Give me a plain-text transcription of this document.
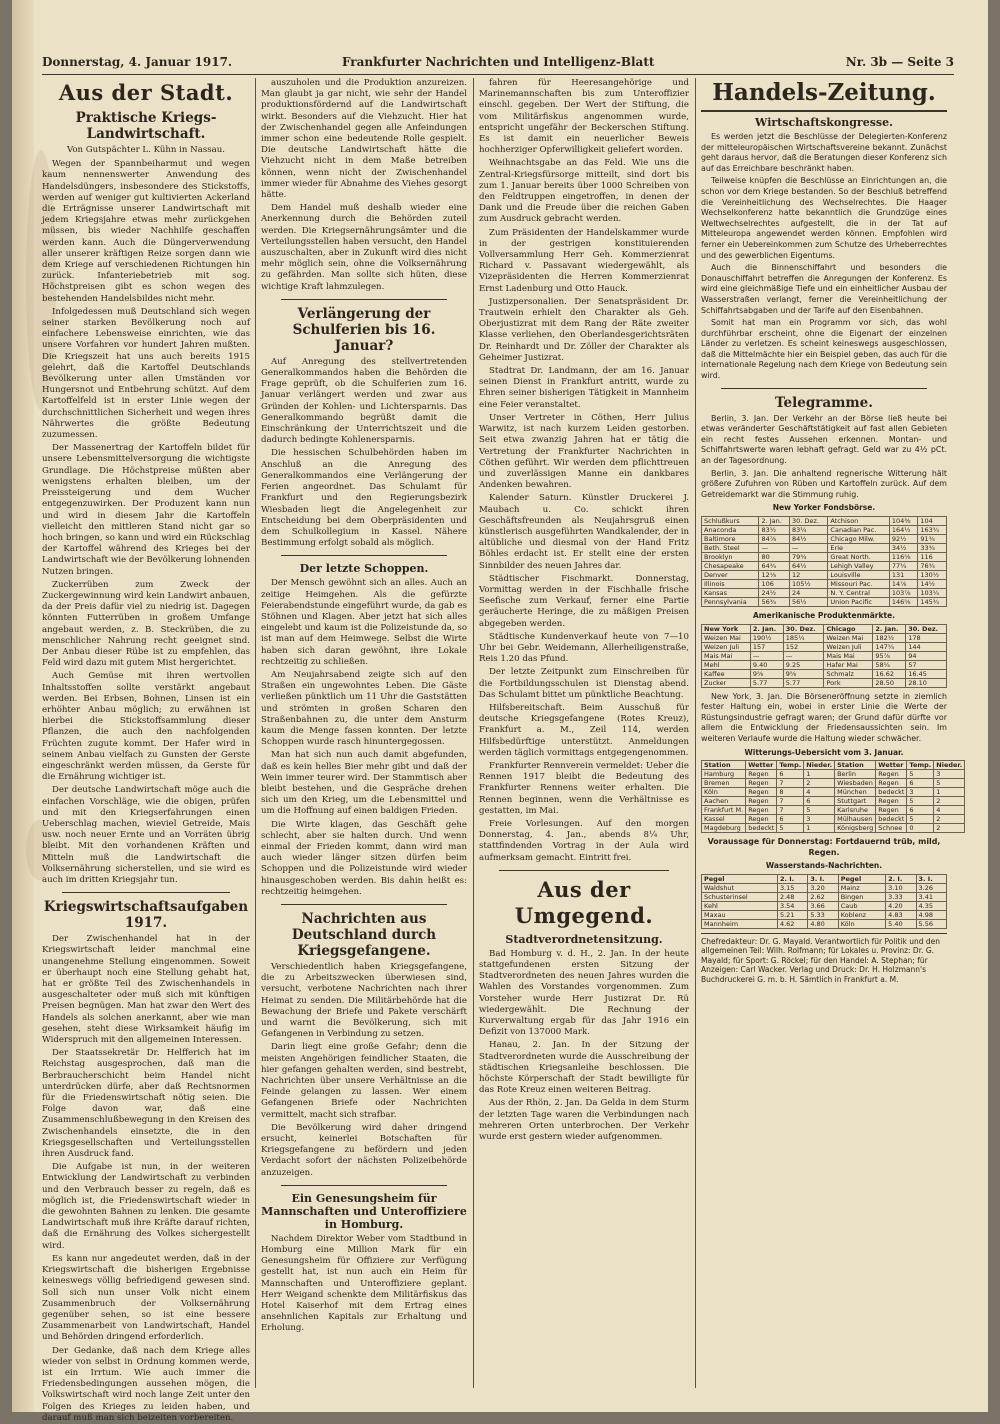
Donnerstag, 4. Januar 1917.	Frankfurter Nachrichten und Intelligenz-Blatt	Nr. 3b — Seite 3
Aus der Stadt.
Praktische Kriegs-Landwirtschaft.
Von Gutspächter L. Kühn in Nassau.

Wegen der Spannbeiharmut und wegen kaum nennenswerter Anwendung des Handelsdüngers, insbesondere des Stickstoffs, werden auf weniger gut kultivierten Ackerland die Erträgnisse unserer Landwirtschaft mit jedem Kriegsjahre etwas mehr zurückgehen müssen, bis wieder Nachhilfe geschaffen werden kann. Auch die Düngerverwendung aller unserer kräftigen Reize sorgen dann wie dem Kriege auf verschiedenen Richtungen hin zurück. Infanteriebetrieb mit sog. Höchstpreisen gibt es schon wegen des bestehenden Handelsbildes nicht mehr.

Infolgedessen muß Deutschland sich wegen seiner starken Bevölkerung noch auf einfachere Lebensweise einrichten, wie das unsere Vorfahren vor hundert Jahren mußten. Die Kriegszeit hat uns auch bereits 1915 gelehrt, daß die Kartoffel Deutschlands Bevölkerung unter allen Umständen vor Hungersnot und Entbehrung schützt. Auf dem Kartoffelfeld ist in erster Linie wegen der durchschnittlichen Sicherheit und wegen ihres Nährwertes die größte Bedeutung zuzumessen.

Der Massenertrag der Kartoffeln bildet für unsere Lebensmittelversorgung die wichtigste Grundlage. Die Höchstpreise müßten aber wenigstens erhalten bleiben, um der Preissteigerung und dem Wucher entgegenzuwirken. Der Produzent kann nun und wird in diesem Jahr die Kartoffeln vielleicht den mittleren Stand nicht gar so hoch bringen, so kann und wird ein Rückschlag der Kartoffel während des Krieges bei der Landwirtschaft wie der Bevölkerung lohnenden Nutzen bringen.

Zuckerrüben zum Zweck der Zuckergewinnung wird kein Landwirt anbauen, da der Preis dafür viel zu niedrig ist. Dagegen könnten Futterrüben in großem Umfange angebaut werden, z. B. Steckrüben, die zu menschlicher Nahrung recht geeignet sind. Der Anbau dieser Rübe ist zu empfehlen, das Feld wird dazu mit gutem Mist hergerichtet.

Auch Gemüse mit ihren wertvollen Inhaltsstoffen sollte verstärkt angebaut werden. Bei Erbsen, Bohnen, Linsen ist ein erhöhter Anbau möglich; zu erwähnen ist hierbei die Stickstoffsammlung dieser Pflanzen, die auch den nachfolgenden Früchten zugute kommt. Der Hafer wird in seinem Anbau vielfach zu Gunsten der Gerste eingeschränkt werden müssen, da Gerste für die Ernährung wichtiger ist.

Der deutsche Landwirtschaft möge auch die einfachen Vorschläge, wie die obigen, prüfen und mit den Kriegserfahrungen einen Ueberschlag machen, wieviel Getreide, Mais usw. noch neuer Ernte und an Vorräten übrig bleibt. Mit den vorhandenen Kräften und Mitteln muß die Landwirtschaft die Volksernährung sicherstellen, und sie wird es auch im dritten Kriegsjahr tun.

Kriegswirtschaftsaufgaben 1917.

Der Zwischenhandel hat in der Kriegswirtschaft leider manchmal eine unangenehme Stellung eingenommen. Soweit er überhaupt noch eine Stellung gehabt hat, hat er größte Teil des Zwischenhandels in ausgeschalteter oder muß sich mit künftigen Preisen begnügen. Man hat zwar den Wert des Handels als solchen anerkannt, aber wie man gesehen, steht diese Wirksamkeit häufig im Widerspruch mit den allgemeinen Interessen.

Der Staatssekretär Dr. Helfferich hat im Reichstag ausgesprochen, daß man die Berbraucherschicht beim Handel nicht unterdrücken dürfe, aber daß Rechtsnormen für die Friedenswirtschaft nötig seien. Die Folge davon war, daß eine Zusammenschlußbewegung in den Kreisen des Zwischenhandels einsetzte, die in den Kriegsgesellschaften und Verteilungsstellen ihren Ausdruck fand.

Die Aufgabe ist nun, in der weiteren Entwicklung der Landwirtschaft zu verbinden und den Verbrauch besser zu regeln, daß es möglich ist, die Friedenswirtschaft wieder in die gewohnten Bahnen zu lenken. Die gesamte Landwirtschaft muß ihre Kräfte darauf richten, daß die Ernährung des Volkes sichergestellt wird.

Es kann nur angedeutet werden, daß in der Kriegswirtschaft die bisherigen Ergebnisse keineswegs völlig befriedigend gewesen sind. Soll sich nun unser Volk nicht einem Zusammenbruch der Volksernährung gegenüber sehen, so ist eine bessere Zusammenarbeit von Landwirtschaft, Handel und Behörden dringend erforderlich.

Der Gedanke, daß nach dem Kriege alles wieder von selbst in Ordnung kommen werde, ist ein Irrtum. Wie auch immer die Friedensbedingungen aussehen mögen, die Volkswirtschaft wird noch lange Zeit unter den Folgen des Krieges zu leiden haben, und darauf muß man sich beizeiten vorbereiten.

auszuholen und die Produktion anzureizen. Man glaubt ja gar nicht, wie sehr der Handel produktionsfördernd auf die Landwirtschaft wirkt. Besonders auf die Viehzucht. Hier hat der Zwischenhandel gegen alle Anfeindungen immer schon eine bedeutende Rolle gespielt. Die deutsche Landwirtschaft hätte die Viehzucht nicht in dem Maße betreiben können, wenn nicht der Zwischenhandel immer wieder für Abnahme des Viehes gesorgt hätte.

Dem Handel muß deshalb wieder eine Anerkennung durch die Behörden zuteil werden. Die Kriegsernährungsämter und die Verteilungsstellen haben versucht, den Handel auszuschalten, aber in Zukunft wird dies nicht mehr möglich sein, ohne die Volksernährung zu gefährden. Man sollte sich hüten, diese wichtige Kraft lahmzulegen.

Verlängerung der Schulferien bis 16. Januar?

Auf Anregung des stellvertretenden Generalkommandos haben die Behörden die Frage geprüft, ob die Schulferien zum 16. Januar verlängert werden und zwar aus Gründen der Kohlen- und Lichtersparnis. Das Generalkommando begrüßt damit die Einschränkung der Unterrichtszeit und die dadurch bedingte Kohlenersparnis.

Die hessischen Schulbehörden haben im Anschluß an die Anregung des Generalkommandos eine Verlängerung der Ferien angeordnet. Das Schulamt für Frankfurt und den Regierungsbezirk Wiesbaden liegt die Angelegenheit zur Entscheidung bei dem Oberpräsidenten und dem Schulkollegium in Kassel. Nähere Bestimmung erfolgt sobald als möglich.

Der letzte Schoppen.

Der Mensch gewöhnt sich an alles. Auch an zeitige Heimgehen. Als die gefürzte Feierabendstunde eingeführt wurde, da gab es Stöhnen und Klagen. Aber jetzt hat sich alles eingelebt und kaum ist die Polizeistunde da, so ist man auf dem Heimwege. Selbst die Wirte haben sich daran gewöhnt, ihre Lokale rechtzeitig zu schließen.

Am Neujahrsabend zeigte sich auf den Straßen ein ungewohntes Leben. Die Gäste verließen pünktlich um 11 Uhr die Gaststätten und strömten in großen Scharen den Straßenbahnen zu, die unter dem Ansturm kaum die Menge fassen konnten. Der letzte Schoppen wurde rasch hinuntergegossen.

Man hat sich nun auch damit abgefunden, daß es kein helles Bier mehr gibt und daß der Wein immer teurer wird. Der Stammtisch aber bleibt bestehen, und die Gespräche drehen sich um den Krieg, um die Lebensmittel und um die Hoffnung auf einen baldigen Frieden.

Die Wirte klagen, das Geschäft gehe schlecht, aber sie halten durch. Und wenn einmal der Frieden kommt, dann wird man auch wieder länger sitzen dürfen beim Schoppen und die Polizeistunde wird wieder hinausgeschoben werden. Bis dahin heißt es: rechtzeitig heimgehen.

Nachrichten aus Deutschland durch Kriegsgefangene.

Verschiedentlich haben Kriegsgefangene, die zu Arbeitszwecken überwiesen sind, versucht, verbotene Nachrichten nach ihrer Heimat zu senden. Die Militärbehörde hat die Bewachung der Briefe und Pakete verschärft und warnt die Bevölkerung, sich mit Gefangenen in Verbindung zu setzen.

Darin liegt eine große Gefahr; denn die meisten Angehörigen feindlicher Staaten, die hier gefangen gehalten werden, sind bestrebt, Nachrichten über unsere Verhältnisse an die Feinde gelangen zu lassen. Wer einem Gefangenen Briefe oder Nachrichten vermittelt, macht sich strafbar.

Die Bevölkerung wird daher dringend ersucht, keinerlei Botschaften für Kriegsgefangene zu befördern und jeden Verdacht sofort der nächsten Polizeibehörde anzuzeigen.

Ein Genesungsheim für Mannschaften und Unteroffiziere in Homburg.

Nachdem Direktor Weber vom Stadtbund in Homburg eine Million Mark für ein Genesungsheim für Offiziere zur Verfügung gestellt hat, ist nun auch ein Heim für Mannschaften und Unteroffiziere geplant. Herr Weigand schenkte dem Militärfiskus das Hotel Kaiserhof mit dem Ertrag eines ansehnlichen Kapitals zur Erhaltung und Erholung.

fahren für Heeresangehörige und Marinemannschaften bis zum Unteroffizier einschl. gegeben. Der Wert der Stiftung, die vom Militärfiskus angenommen wurde, entspricht ungefähr der Beckerschen Stiftung. Es ist damit ein neuerlicher Beweis hochherziger Opferwilligkeit geliefert worden.

Weihnachtsgabe an das Feld. Wie uns die Zentral-Kriegsfürsorge mitteilt, sind dort bis zum 1. Januar bereits über 1000 Schreiben von den Feldtruppen eingetroffen, in denen der Dank und die Freude über die reichen Gaben zum Ausdruck gebracht werden.

Zum Präsidenten der Handelskammer wurde in der gestrigen konstituierenden Vollversammlung Herr Geh. Kommerzienrat Richard v. Passavant wiedergewählt, als Vizepräsidenten die Herren Kommerzienrat Ernst Ladenburg und Otto Hauck.

Justizpersonalien. Der Senatspräsident Dr. Trautwein erhielt den Charakter als Geh. Oberjustizrat mit dem Rang der Räte zweiter Klasse verliehen, den Oberlandesgerichtsräten Dr. Reinhardt und Dr. Zöller der Charakter als Geheimer Justizrat.

Stadtrat Dr. Landmann, der am 16. Januar seinen Dienst in Frankfurt antritt, wurde zu Ehren seiner bisherigen Tätigkeit in Mannheim eine Feier veranstaltet.

Unser Vertreter in Cöthen, Herr Julius Warwitz, ist nach kurzem Leiden gestorben. Seit etwa zwanzig Jahren hat er tätig die Vertretung der Frankfurter Nachrichten in Cöthen geführt. Wir werden dem pflichttreuen und zuverlässigen Manne ein dankbares Andenken bewahren.

Kalender Saturn. Künstler Druckerei J. Maubach u. Co. schickt ihren Geschäftsfreunden als Neujahrsgruß einen künstlerisch ausgeführten Wandkalender, der in altübliche und diesmal von der Hand Fritz Böhles erdacht ist. Er stellt eine der ersten Sinnbilder des neuen Jahres dar.

Städtischer Fischmarkt. Donnerstag, Vormittag werden in der Fischhalle frische Seefische zum Verkauf, ferner eine Partie geräucherte Heringe, die zu mäßigen Preisen abgegeben werden.

Städtische Kundenverkauf heute von 7—10 Uhr bei Gebr. Weidemann, Allerheiligenstraße, Reis 1.20 das Pfund.

Der letzte Zeitpunkt zum Einschreiben für die Fortbildungsschulen ist Dienstag abend. Das Schulamt bittet um pünktliche Beachtung.

Hilfsbereitschaft. Beim Ausschuß für deutsche Kriegsgefangene (Rotes Kreuz), Frankfurt a. M., Zeil 114, werden Hilfsbedürftige unterstützt. Anmeldungen werden täglich vormittags entgegengenommen.

Frankfurter Rennverein vermeldet: Ueber die Rennen 1917 bleibt die Bedeutung des Frankfurter Rennens weiter erhalten. Die Rennen beginnen, wenn die Verhältnisse es gestatten, im Mai.

Freie Vorlesungen. Auf den morgen Donnerstag, 4. Jan., abends 8¼ Uhr, stattfindenden Vortrag in der Aula wird aufmerksam gemacht. Eintritt frei.

Aus der Umgegend.
Stadtverordnetensitzung.

Bad Homburg v. d. H., 2. Jan. In der heute stattgefundenen ersten Sitzung der Stadtverordneten des neuen Jahres wurden die Wahlen des Vorstandes vorgenommen. Zum Vorsteher wurde Herr Justizrat Dr. Rü wiedergewählt. Die Rechnung der Kurverwaltung ergab für das Jahr 1916 ein Defizit von 137000 Mark.

Hanau, 2. Jan. In der Sitzung der Stadtverordneten wurde die Ausschreibung der städtischen Kriegsanleihe beschlossen. Die höchste Körperschaft der Stadt bewilligte für das Rote Kreuz einen weiteren Beitrag.

Aus der Rhön, 2. Jan. Da Gelda in dem Sturm der letzten Tage waren die Verbindungen nach mehreren Orten unterbrochen. Der Verkehr wurde erst gestern wieder aufgenommen.

Handels-Zeitung.
Wirtschaftskongresse.

Es werden jetzt die Beschlüsse der Delegierten-Konferenz der mitteleuropäischen Wirtschaftsvereine bekannt. Zunächst geht daraus hervor, daß die Beratungen dieser Konferenz sich auf das Erreichbare beschränkt haben.

Teilweise knüpfen die Beschlüsse an Einrichtungen an, die schon vor dem Kriege bestanden. So der Beschluß betreffend die Vereinheitlichung des Wechselrechtes. Die Haager Wechselkonferenz hatte bekanntlich die Grundzüge eines Weltwechselrechtes aufgestellt, die in der Tat auf Mitteleuropa angewendet werden können. Empfohlen wird ferner ein Uebereinkommen zum Schutze des Urheberrechtes und des gewerblichen Eigentums.

Auch die Binnenschiffahrt und besonders die Donauschiffahrt betreffen die Anregungen der Konferenz. Es wird eine gleichmäßige Tiefe und ein einheitlicher Ausbau der Wasserstraßen verlangt, ferner die Vereinheitlichung der Schiffahrtsabgaben und der Tarife auf den Eisenbahnen.

Somit hat man ein Programm vor sich, das wohl durchführbar erscheint, ohne die Eigenart der einzelnen Länder zu verletzen. Es scheint keineswegs ausgeschlossen, daß die Mittelmächte hier ein Beispiel geben, das auch für die internationale Regelung nach dem Kriege von Bedeutung sein wird.

Telegramme.

Berlin, 3. Jan. Der Verkehr an der Börse ließ heute bei etwas veränderter Geschäftstätigkeit auf fast allen Gebieten ein recht festes Aussehen erkennen. Montan- und Schiffahrtswerte waren lebhaft gefragt. Geld war zu 4½ pCt. an der Tagesordnung.

Berlin, 3. Jan. Die anhaltend regnerische Witterung hält größere Zufuhren von Rüben und Kartoffeln zurück. Auf dem Getreidemarkt war die Stimmung ruhig.

New Yorker Fondsbörse.
Schlußkurs	2. Jan.	30. Dez.	Atchison	104⅜	104
Anaconda	83½	83¼	Canadian Pac.	164½	163¾
Baltimore	84⅞	84½	Chicago Milw.	92½	91¾
Beth. Steel	—	—	Erie	34½	33¾
Brooklyn	80	79¾	Great North.	116⅝	116
Chesapeake	64¾	64½	Lehigh Valley	77¼	76¾
Denver	12⅛	12	Louisville	131	130½
Illinois	106	105½	Missouri Pac.	14⅞	14½
Kansas	24½	24	N. Y. Central	103⅞	103¼
Pennsylvania	56¾	56½	Union Pacific	146⅝	145¾
Amerikanische Produktenmärkte.
New York	2. Jan.	30. Dez.	Chicago	2. Jan.	30. Dez.
Weizen Mai	190½	185¼	Weizen Mai	182½	178
Weizen Juli	157	152	Weizen Juli	147¼	144
Mais Mai	—	—	Mais Mai	95⅞	94
Mehl	9.40	9.25	Hafer Mai	58¼	57
Kaffee	9⅝	9⅝	Schmalz	16.62	16.45
Zucker	5.77	5.77	Pork	28.50	28.10

New York, 3. Jan. Die Börseneröffnung setzte in ziemlich fester Haltung ein, wobei in erster Linie die Werte der Rüstungsindustrie gefragt waren; der Grund dafür dürfte vor allem die Entwicklung der Friedensaussichten sein. Im weiteren Verlaufe wurde die Haltung wieder schwächer.

Witterungs-Uebersicht vom 3. Januar.
Station	Wetter	Temp.	Nieder.	Station	Wetter	Temp.	Nieder.
Hamburg	Regen	6	1	Berlin	Regen	5	3
Bremen	Regen	7	2	Wiesbaden	Regen	6	5
Köln	Regen	8	4	München	bedeckt	3	1
Aachen	Regen	7	6	Stuttgart	Regen	5	2
Frankfurt M.	Regen	7	5	Karlsruhe	Regen	6	4
Kassel	Regen	6	3	Mülhausen	bedeckt	5	2
Magdeburg	bedeckt	5	1	Königsberg	Schnee	0	2
Voraussage für Donnerstag: Fortdauernd trüb, mild, Regen.
Wasserstands-Nachrichten.
Pegel	2. I.	3. I.	Pegel	2. I.	3. I.
Waldshut	3.15	3.20	Mainz	3.10	3.26
Schusterinsel	2.48	2.62	Bingen	3.33	3.41
Kehl	3.54	3.66	Caub	4.20	4.35
Maxau	5.21	5.33	Koblenz	4.83	4.98
Mannheim	4.62	4.80	Köln	5.40	5.56
Chefredakteur: Dr. G. Mayald. Verantwortlich für Politik und den allgemeinen Teil: Wilh. Rolfmann; für Lokales u. Provinz: Dr. G. Mayald; für Sport: G. Röckel; für den Handel: A. Stephan; für Anzeigen: Carl Wacker. Verlag und Druck: Dr. H. Holzmann's Buchdruckerei G. m. b. H. Sämtlich in Frankfurt a. M.
